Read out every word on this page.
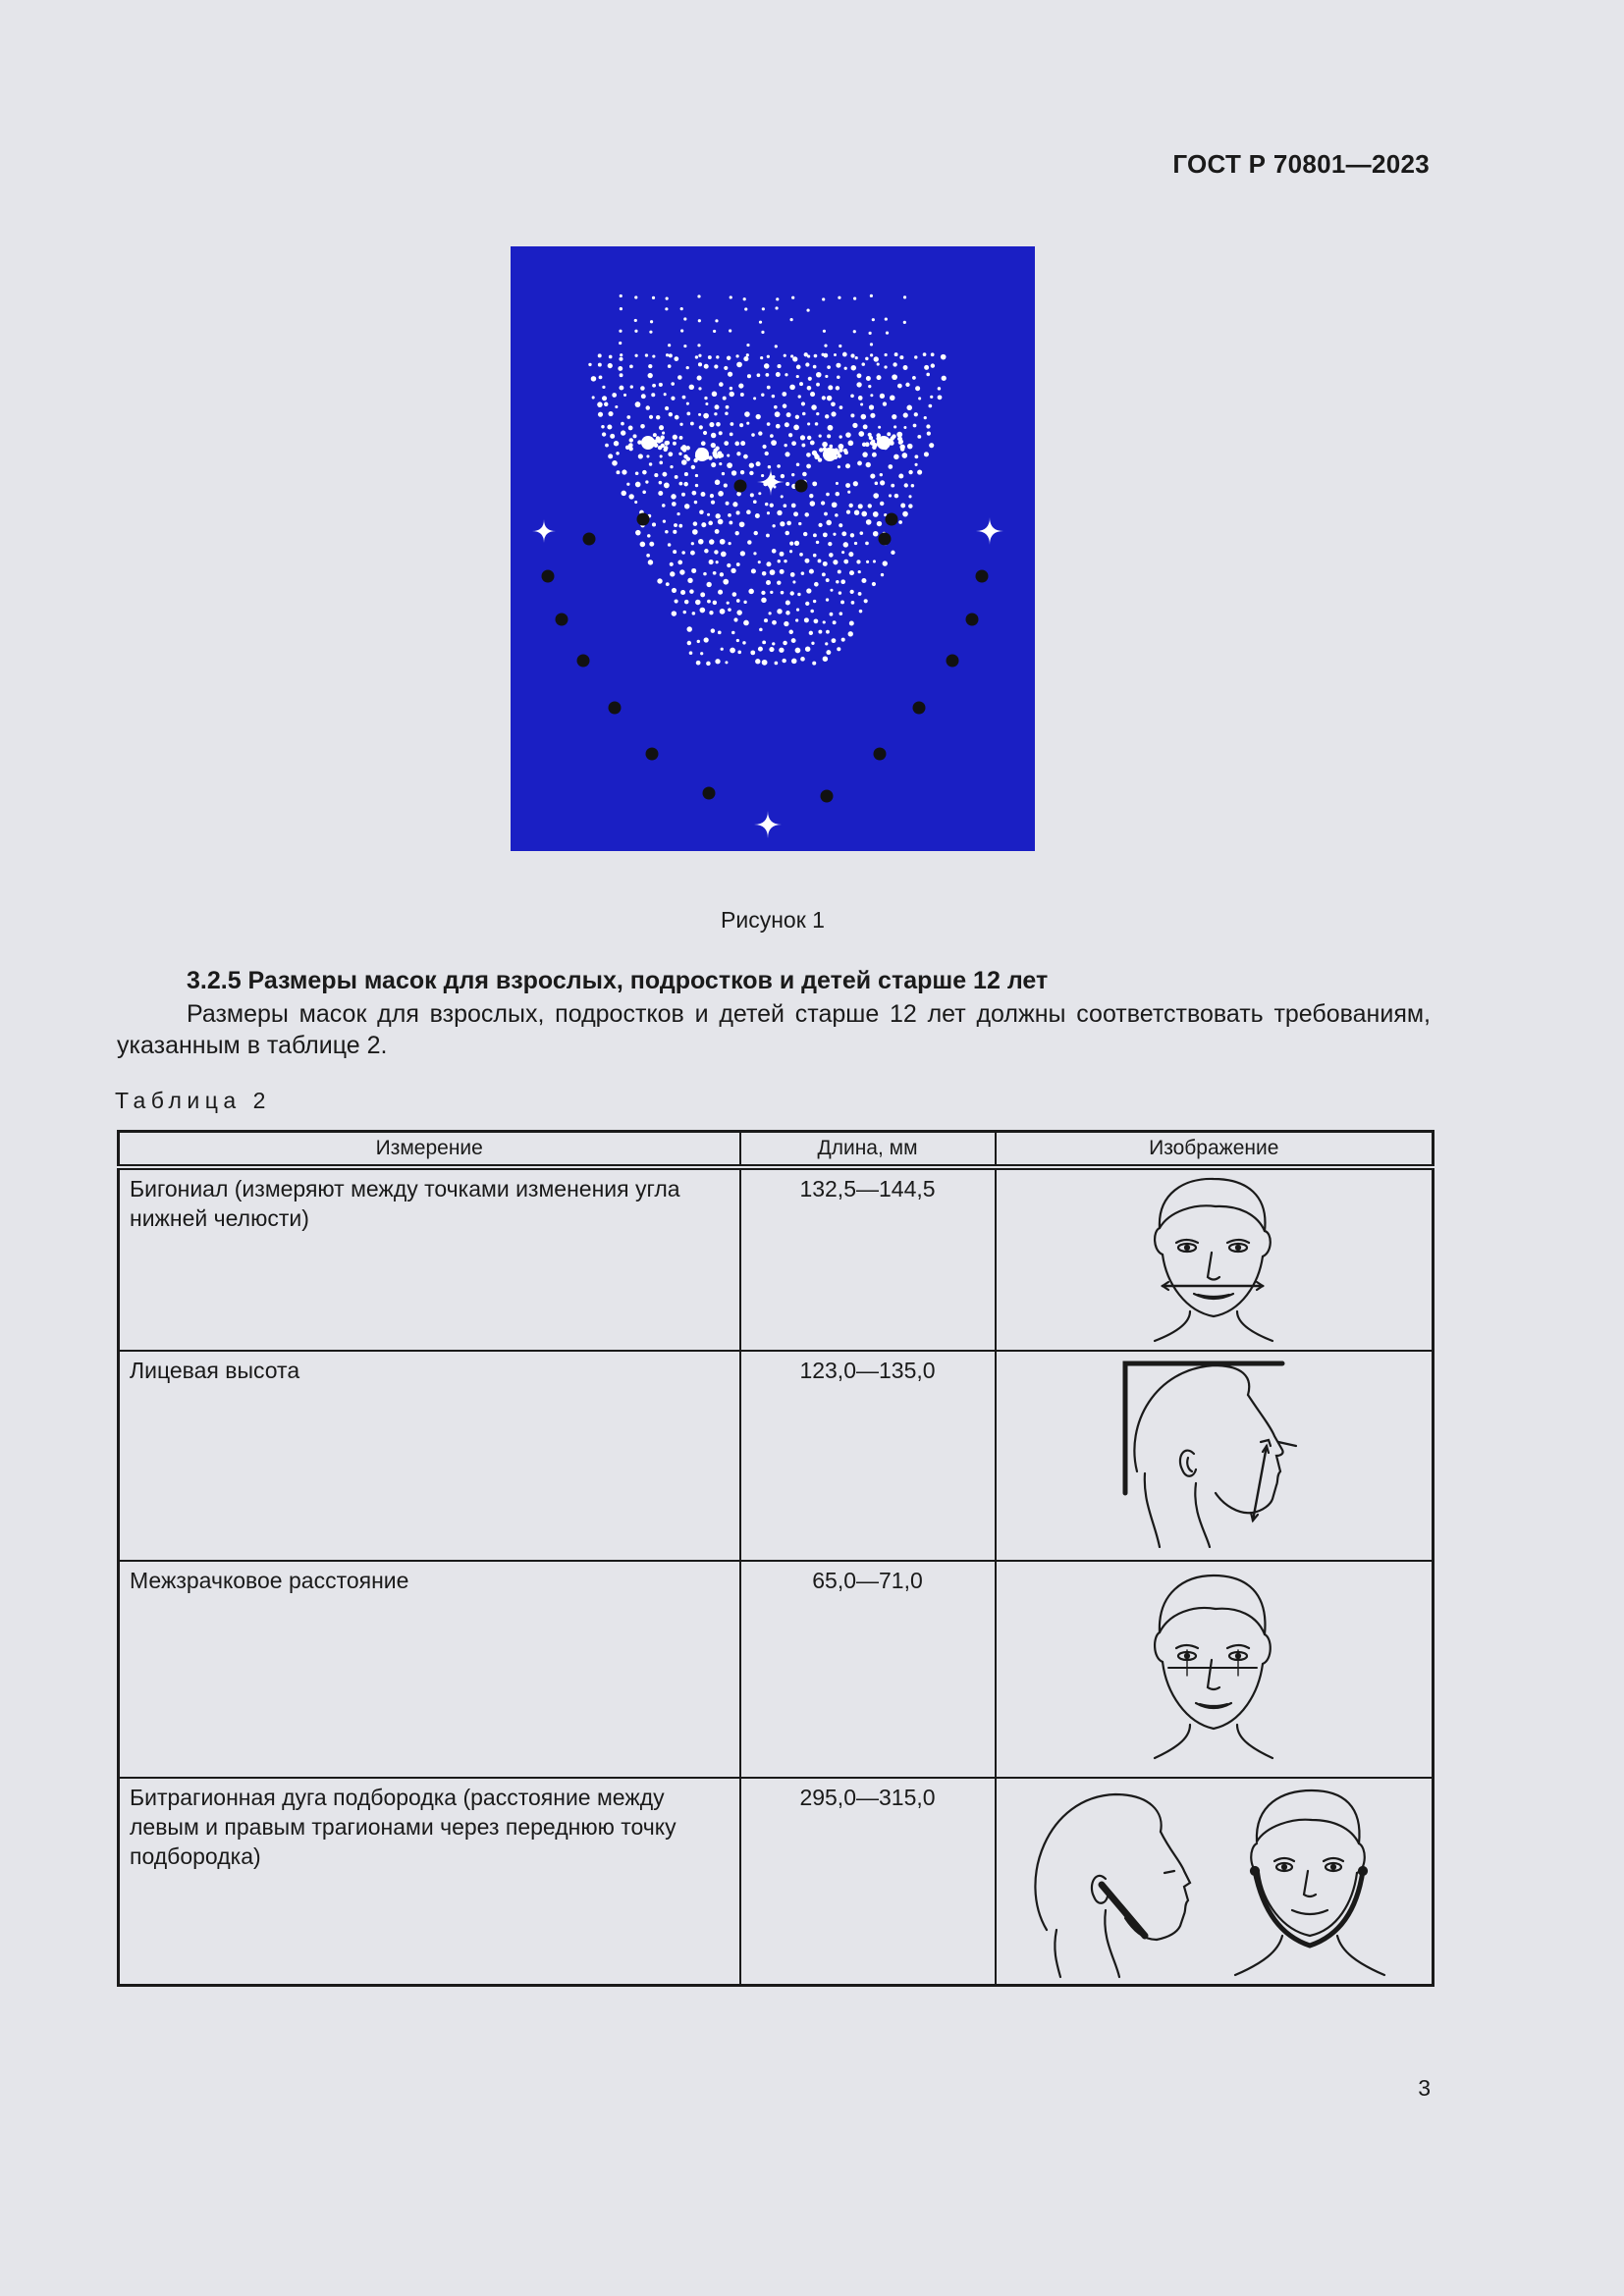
ГОСТ Р 70801—2023
Рисунок 1
3.2.5 Размеры масок для взрослых, подростков и детей старше 12 лет
Размеры масок для взрослых, подростков и детей старше 12 лет должны соответствовать требованиям, указанным в таблице 2.
Таблица 2
Измерение	Длина, мм	Изображение
Бигониал (измеряют между точками изменения угла нижней челюсти)	132,5—144,5	

Лицевая высота	123,0—135,0	

Межзрачковое расстояние	65,0—71,0	

Битрагионная дуга подбородка (расстояние между левым и правым трагионами через переднюю точку подбородка)	295,0—315,0	
3
